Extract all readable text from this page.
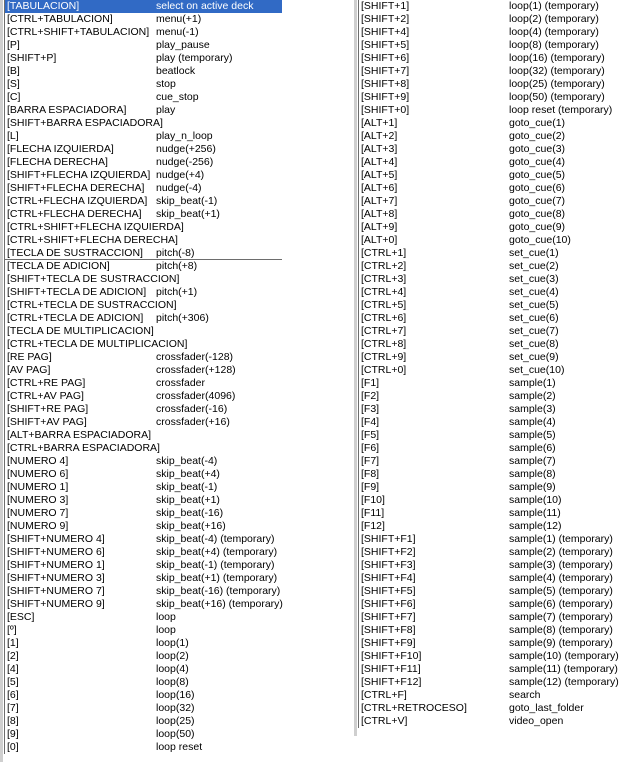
[TABULACION]	select on active deck
[CTRL+TABULACION]	menu(+1)
[CTRL+SHIFT+TABULACION] menu(-1)
[P]	play_pause
[SHIFT+P]	play (temporary)
[B]	beatlock
[S]	stop
[C]	cue_stop
[BARRA ESPACIADORA]	play
[SHIFT+BARRA ESPACIADORA]
[L]	play_n_loop
[FLECHA IZQUIERDA]	nudge(+256)
[FLECHA DERECHA]	nudge(-256)
[SHIFT+FLECHA IZQUIERDA] nudge(+4)
[SHIFT+FLECHA DERECHA] nudge(-4)
[CTRL+FLECHA IZQUIERDA] skip_beat(-1)
[CTRL+FLECHA DERECHA] skip_beat(+1)
[CTRL+SHIFT+FLECHA IZQUIERDA]
[CTRL+SHIFT+FLECHA DERECHA]
[TECLA DE SUSTRACCION] pitch(-8)
[TECLA DE ADICION]	pitch(+8)
[SHIFT+TECLA DE SUSTRACCION]
[SHIFT+TECLA DE ADICION] pitch(+1)
[CTRL+TECLA DE SUSTRACCION]
[CTRL+TECLA DE ADICION] pitch(+306)
[TECLA DE MULTIPLICACION]
[CTRL+TECLA DE MULTIPLICACION]
[RE PAG]	crossfader(-128)
[AV PAG]	crossfader(+128)
[CTRL+RE PAG]	crossfader
[CTRL+AV PAG]	crossfader(4096)
[SHIFT+RE PAG]	crossfader(-16)
[SHIFT+AV PAG]	crossfader(+16)
[ALT+BARRA ESPACIADORA]
[CTRL+BARRA ESPACIADORA]
[NUMERO 4]	skip_beat(-4)
[NUMERO 6]	skip_beat(+4)
[NUMERO 1]	skip_beat(-1)
[NUMERO 3]	skip_beat(+1)
[NUMERO 7]	skip_beat(-16)
[NUMERO 9]	skip_beat(+16)
[SHIFT+NUMERO 4]	skip_beat(-4) (temporary)
[SHIFT+NUMERO 6]	skip_beat(+4) (temporary)
[SHIFT+NUMERO 1]	skip_beat(-1) (temporary)
[SHIFT+NUMERO 3]	skip_beat(+1) (temporary)
[SHIFT+NUMERO 7]	skip_beat(-16) (temporary)
[SHIFT+NUMERO 9]	skip_beat(+16) (temporary)
[ESC]	loop
[º]	loop
[1]	loop(1)
[2]	loop(2)
[4]	loop(4)
[5]	loop(8)
[6]	loop(16)
[7]	loop(32)
[8]	loop(25)
[9]	loop(50)
[0]	loop reset
[SHIFT+1]	loop(1) (temporary)
[SHIFT+2]	loop(2) (temporary)
[SHIFT+4]	loop(4) (temporary)
[SHIFT+5]	loop(8) (temporary)
[SHIFT+6]	loop(16) (temporary)
[SHIFT+7]	loop(32) (temporary)
[SHIFT+8]	loop(25) (temporary)
[SHIFT+9]	loop(50) (temporary)
[SHIFT+0]	loop reset (temporary)
[ALT+1]	goto_cue(1)
[ALT+2]	goto_cue(2)
[ALT+3]	goto_cue(3)
[ALT+4]	goto_cue(4)
[ALT+5]	goto_cue(5)
[ALT+6]	goto_cue(6)
[ALT+7]	goto_cue(7)
[ALT+8]	goto_cue(8)
[ALT+9]	goto_cue(9)
[ALT+0]	goto_cue(10)
[CTRL+1]	set_cue(1)
[CTRL+2]	set_cue(2)
[CTRL+3]	set_cue(3)
[CTRL+4]	set_cue(4)
[CTRL+5]	set_cue(5)
[CTRL+6]	set_cue(6)
[CTRL+7]	set_cue(7)
[CTRL+8]	set_cue(8)
[CTRL+9]	set_cue(9)
[CTRL+0]	set_cue(10)
[F1]	sample(1)
[F2]	sample(2)
[F3]	sample(3)
[F4]	sample(4)
[F5]	sample(5)
[F6]	sample(6)
[F7]	sample(7)
[F8]	sample(8)
[F9]	sample(9)
[F10]	sample(10)
[F11]	sample(11)
[F12]	sample(12)
[SHIFT+F1]	sample(1) (temporary)
[SHIFT+F2]	sample(2) (temporary)
[SHIFT+F3]	sample(3) (temporary)
[SHIFT+F4]	sample(4) (temporary)
[SHIFT+F5]	sample(5) (temporary)
[SHIFT+F6]	sample(6) (temporary)
[SHIFT+F7]	sample(7) (temporary)
[SHIFT+F8]	sample(8) (temporary)
[SHIFT+F9]	sample(9) (temporary)
[SHIFT+F10]	sample(10) (temporary)
[SHIFT+F11]	sample(11) (temporary)
[SHIFT+F12]	sample(12) (temporary)
[CTRL+F]	search
[CTRL+RETROCESO]	goto_last_folder
[CTRL+V]	video_open
